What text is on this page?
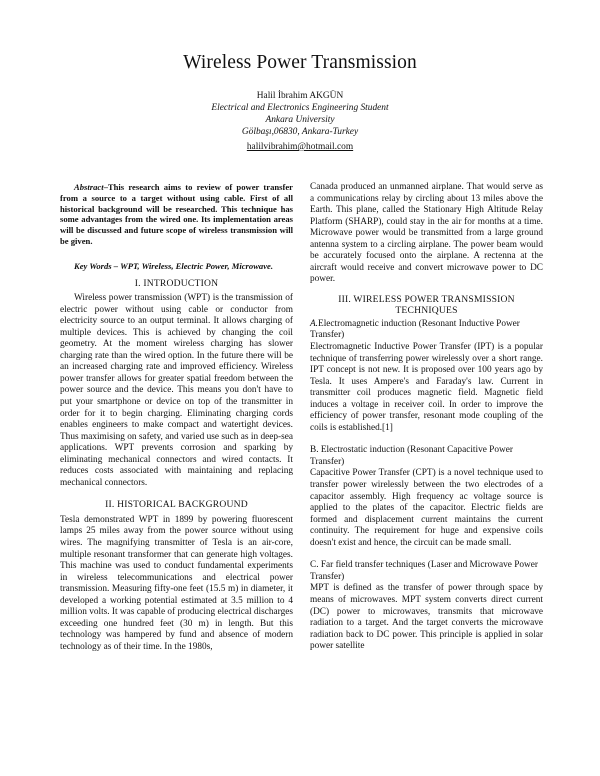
Wireless Power Transmission
Halil İbrahim AKGÜN
Electrical and Electronics Engineering Student
Ankara University
Gölbaşı,06830, Ankara-Turkey
halilvibrahim@hotmail.com

Abstract–This research aims to review of power transfer from a source to a target without using cable. First of all historical background will be researched. This technique has some advantages from the wired one. Its implementation areas will be discussed and future scope of wireless transmission will be given.

Key Words – WPT, Wireless, Electric Power, Microwave.

I. INTRODUCTION

Wireless power transmission (WPT) is the transmission of electric power without using cable or conductor from electricity source to an output terminal. It allows charging of multiple devices. This is achieved by changing the coil geometry. At the moment wireless charging has slower charging rate than the wired option. In the future there will be an increased charging rate and improved efficiency. Wireless power transfer allows for greater spatial freedom between the power source and the device. This means you don't have to put your smartphone or device on top of the transmitter in order for it to begin charging. Eliminating charging cords enables engineers to make compact and watertight devices. Thus maximising on safety, and varied use such as in deep-sea applications. WPT prevents corrosion and sparking by eliminating mechanical connectors and wired contacts. It reduces costs associated with maintaining and replacing mechanical connectors.

II. HISTORICAL BACKGROUND

Tesla demonstrated WPT in 1899 by powering fluorescent lamps 25 miles away from the power source without using wires. The magnifying transmitter of Tesla is an air-core, multiple resonant transformer that can generate high voltages. This machine was used to conduct fundamental experiments in wireless telecommunications and electrical power transmission. Measuring fifty-one feet (15.5 m) in diameter, it developed a working potential estimated at 3.5 million to 4 million volts. It was capable of producing electrical discharges exceeding one hundred feet (30 m) in length. But this technology was hampered by fund and absence of modern technology as of their time. In the 1980s,

Canada produced an unmanned airplane. That would serve as a communications relay by circling about 13 miles above the Earth. This plane, called the Stationary High Altitude Relay Platform (SHARP), could stay in the air for months at a time. Microwave power would be transmitted from a large ground antenna system to a circling airplane. The power beam would be accurately focused onto the airplane. A rectenna at the aircraft would receive and convert microwave power to DC power.

III. WIRELESS POWER TRANSMISSION
TECHNIQUES

A.Electromagnetic induction (Resonant Inductive Power Transfer)

Electromagnetic Inductive Power Transfer (IPT) is a popular technique of transferring power wirelessly over a short range. IPT concept is not new. It is proposed over 100 years ago by Tesla. It uses Ampere's and Faraday's law. Current in transmitter coil produces magnetic field. Magnetic field induces a voltage in receiver coil. In order to improve the efficiency of power transfer, resonant mode coupling of the coils is established.[1]

B. Electrostatic induction (Resonant Capacitive Power Transfer)

Capacitive Power Transfer (CPT) is a novel technique used to transfer power wirelessly between the two electrodes of a capacitor assembly. High frequency ac voltage source is applied to the plates of the capacitor. Electric fields are formed and displacement current maintains the current continuity. The requirement for huge and expensive coils doesn't exist and hence, the circuit can be made small.

C. Far field transfer techniques (Laser and Microwave Power Transfer)

MPT is defined as the transfer of power through space by means of microwaves. MPT system converts direct current (DC) power to microwaves, transmits that microwave radiation to a target. And the target converts the microwave radiation back to DC power. This principle is applied in solar power satellite
